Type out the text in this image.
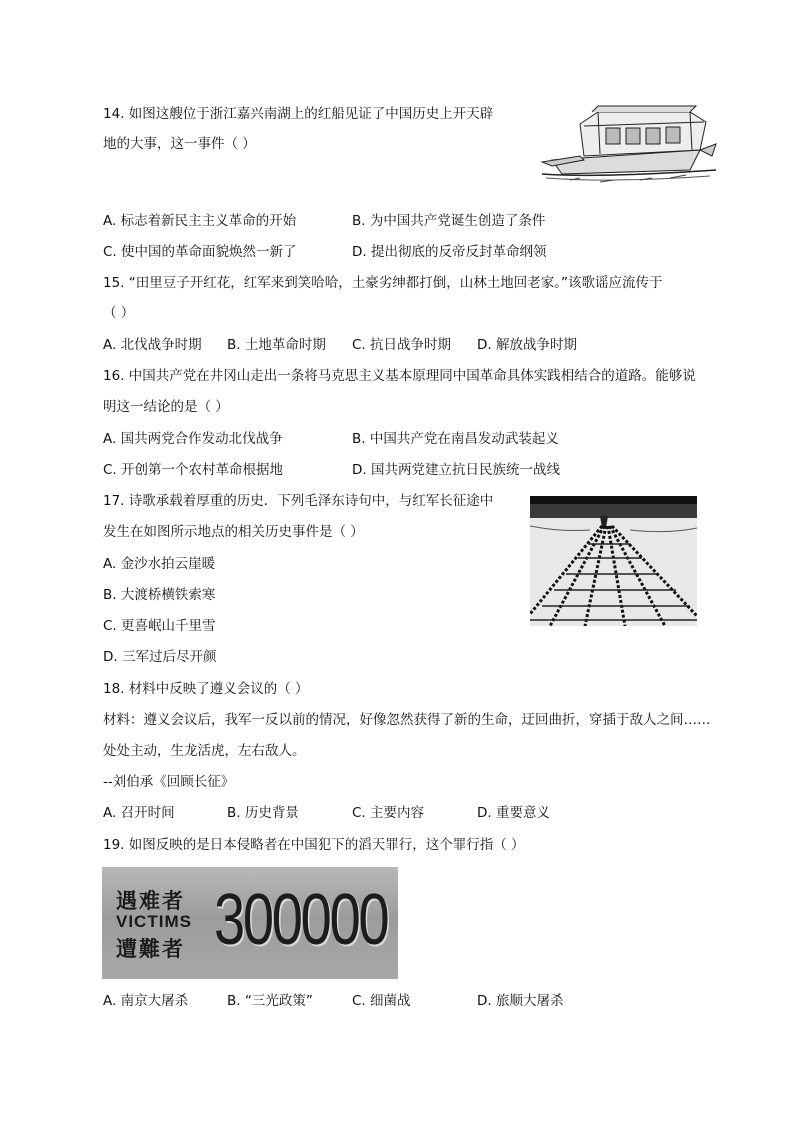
14. 如图这艘位于浙江嘉兴南湖上的红船见证了中国历史上开天辟
地的大事，这一事件（ ）
A. 标志着新民主主义革命的开始	B. 为中国共产党诞生创造了条件
C. 使中国的革命面貌焕然一新了	D. 提出彻底的反帝反封革命纲领
15. “田里豆子开红花，红军来到笑哈哈，土豪劣绅都打倒，山林土地回老家。”该歌谣应流传于
（ ）
A. 北伐战争时期 B. 土地革命时期 C. 抗日战争时期 D. 解放战争时期
16. 中国共产党在井冈山走出一条将马克思主义基本原理同中国革命具体实践相结合的道路。能够说
明这一结论的是（ ）
A. 国共两党合作发动北伐战争	B. 中国共产党在南昌发动武装起义
C. 开创第一个农村革命根据地	D. 国共两党建立抗日民族统一战线
17. 诗歌承载着厚重的历史．下列毛泽东诗句中，与红军长征途中
发生在如图所示地点的相关历史事件是（ ）
A. 金沙水拍云崖暖
B. 大渡桥横铁索寒
C. 更喜岷山千里雪
D. 三军过后尽开颜
18. 材料中反映了遵义会议的（ ）
材料：遵义会议后，我军一反以前的情况，好像忽然获得了新的生命，迂回曲折，穿插于敌人之间……
处处主动，生龙活虎，左右敌人。
--刘伯承《回顾长征》
A. 召开时间	B. 历史背景	C. 主要内容	D. 重要意义
19. 如图反映的是日本侵略者在中国犯下的滔天罪行，这个罪行指（ ）
遇难者
VICTIMS
遭難者 300000
A. 南京大屠杀	B. “三光政策”	C. 细菌战	D. 旅顺大屠杀
